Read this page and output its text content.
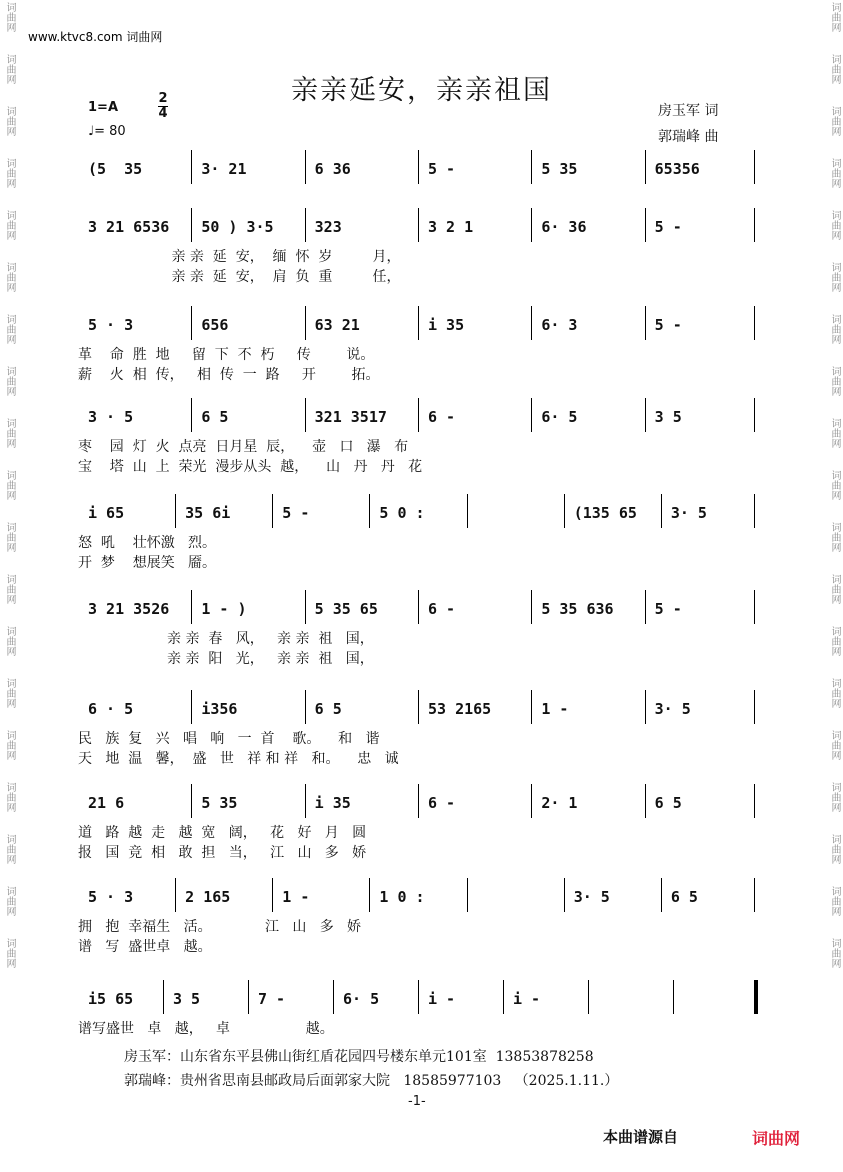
词曲网
词曲网
词曲网
词曲网
词曲网
词曲网
词曲网
词曲网
词曲网
词曲网
词曲网
词曲网
词曲网
词曲网
词曲网
词曲网
词曲网
词曲网
词曲网
词曲网
词曲网
词曲网
词曲网
词曲网
词曲网
词曲网
词曲网
词曲网
词曲网
词曲网
词曲网
词曲网
词曲网
词曲网
词曲网
词曲网
词曲网
词曲网
www.ktvc8.com 词曲网
亲亲延安，亲亲祖国
1=A
2
4
♩= 80
房玉军 词
郭瑞峰 曲
(5  35	3· 21	6 36	5 -	5 35	65356
3 21 6536 50 ) 3·5	323	3 2 1	6· 36	5 -
亲 亲  延  安，  缅  怀  岁         月，
亲 亲  延  安，  肩  负  重         任，
5 · 3	656	63 21	i 35	6· 3	5 -
革    命  胜  地     留  下  不  朽     传        说。
薪    火  相  传，   相  传  一  路     开        拓。
3 · 5	6 5	321 3517	6 -	6· 5	3 5
枣    园  灯  火  点亮  日月星  辰，    壶   口   瀑   布
宝    塔  山  上  荣光  漫步从头  越，    山   丹   丹   花
i 65	35 6i	5 -	5 0 :	(135 65 3· 5
怒  吼    壮怀激   烈。
开  梦    想展笑   靥。
3 21 3526 1 - )	5 35 65	6 -	5 35 636	5 -
亲 亲  春   风，   亲 亲  祖   国，
亲 亲  阳   光，   亲 亲  祖   国，
6 · 5	i356	6 5	53 2165	1 -	3· 5
民   族  复   兴   唱   响   一  首    歌。    和   谐
天   地  温   馨，  盛   世   祥 和 祥   和。    忠   诚
21 6	5 35	i 35	6 -	2· 1	6 5
道   路  越  走   越  宽   阔，   花   好   月   圆
报   国  竞  相   敢  担   当，   江   山   多   娇
5 · 3	2 165	1 -	1 0 :	3· 5	6 5
拥   抱  幸福生   活。            江   山   多   娇
谱   写  盛世卓   越。
i5 65	3 5	7 -	6· 5	i -	i -
谱写盛世   卓   越，   卓                 越。
房玉军：山东省东平县佛山街红盾花园四号楼东单元101室  13853878258
郭瑞峰：贵州省思南县邮政局后面郭家大院   18585977103   （2025.1.11.）
-1-
本曲谱源自	词曲网
